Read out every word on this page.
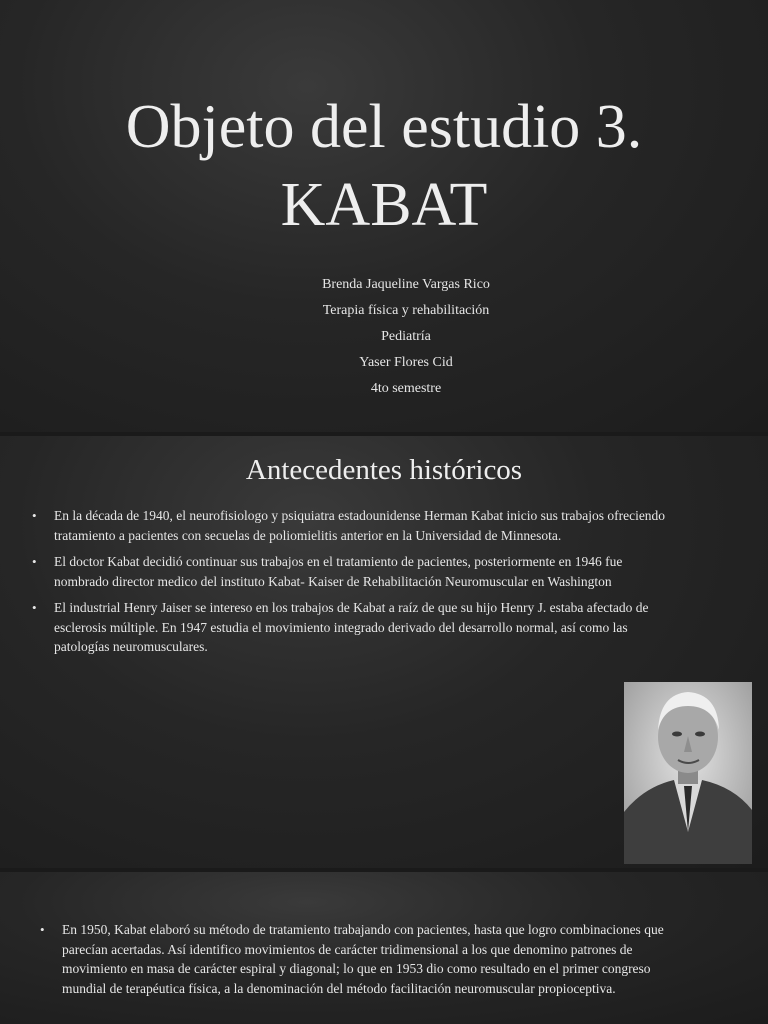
Objeto del estudio 3.
KABAT
Brenda Jaqueline Vargas Rico
Terapia física y rehabilitación
Pediatría
Yaser Flores Cid
4to semestre
Antecedentes históricos
• En la década de 1940, el neurofisiologo y psiquiatra estadounidense Herman Kabat inicio sus trabajos ofreciendo tratamiento a pacientes con secuelas de poliomielitis anterior en la Universidad de Minnesota.
• El doctor Kabat decidió continuar sus trabajos en el tratamiento de pacientes, posteriormente en 1946 fue nombrado director medico del instituto Kabat- Kaiser de Rehabilitación Neuromuscular en Washington
• El industrial Henry Jaiser se intereso en los trabajos de Kabat a raíz de que su hijo Henry J. estaba afectado de esclerosis múltiple. En 1947 estudia el movimiento integrado derivado del desarrollo normal, así como las patologías neuromusculares.
• En 1950, Kabat elaboró su método de tratamiento trabajando con pacientes, hasta que logro combinaciones que parecían acertadas. Así identifico movimientos de carácter tridimensional a los que denomino patrones de movimiento en masa de carácter espiral y diagonal; lo que en 1953 dio como resultado en el primer congreso mundial de terapéutica física, a la denominación del método facilitación neuromuscular propioceptiva.
